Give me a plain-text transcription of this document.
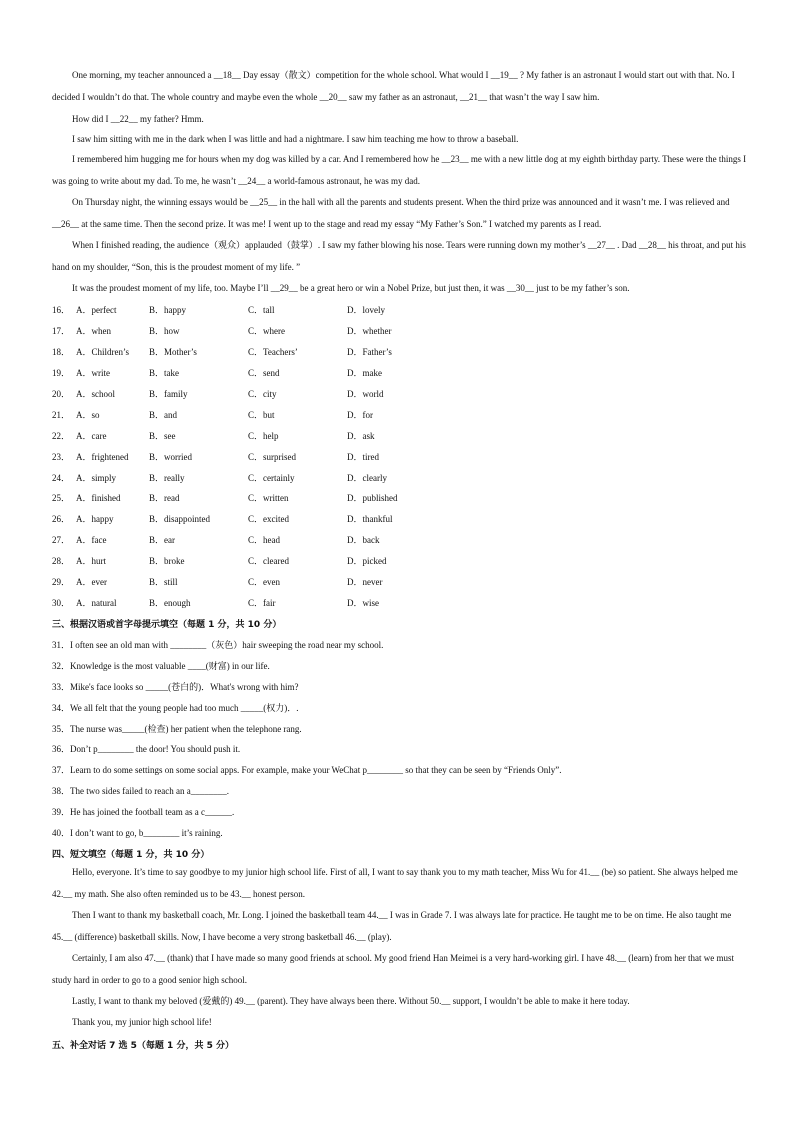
One morning, my teacher announced a __18__ Day essay（散文）competition for the whole school. What would I __19__ ? My father is an astronaut I would start out with that. No. I decided I wouldn’t do that. The whole country and maybe even the whole __20__ saw my father as an astronaut, __21__ that wasn’t the way I saw him.

How did I __22__ my father? Hmm.

I saw him sitting with me in the dark when I was little and had a nightmare. I saw him teaching me how to throw a baseball.

I remembered him hugging me for hours when my dog was killed by a car. And I remembered how he __23__ me with a new little dog at my eighth birthday party. These were the things I was going to write about my dad. To me, he wasn’t __24__ a world-famous astronaut, he was my dad.

On Thursday night, the winning essays would be __25__ in the hall with all the parents and students present. When the third prize was announced and it wasn’t me. I was relieved and __26__ at the same time. Then the second prize. It was me! I went up to the stage and read my essay “My Father’s Son.” I watched my parents as I read.

When I finished reading, the audience（观众）applauded（鼓掌）. I saw my father blowing his nose. Tears were running down my mother’s __27__ . Dad __28__ his throat, and put his hand on my shoulder, “Son, this is the proudest moment of my life. ”

It was the proudest moment of my life, too. Maybe I’ll __29__ be a great hero or win a Nobel Prize, but just then, it was __30__ just to be my father’s son.

16． A．perfect	B．happy	C．tall	D．lovely
17． A．when	B．how	C．where	D．whether
18． A．Children’s B．Mother’s	C．Teachers’	D．Father’s
19． A．write	B．take	C．send	D．make
20． A．school	B．family	C．city	D．world
21． A．so	B．and	C．but	D．for
22． A．care	B．see	C．help	D．ask
23． A．frightened B．worried	C．surprised	D．tired
24． A．simply	B．really	C．certainly	D．clearly
25． A．finished	B．read	C．written	D．published
26． A．happy	B．disappointed	C．excited	D．thankful
27． A．face	B．ear	C．head	D．back
28． A．hurt	B．broke	C．cleared	D．picked
29． A．ever	B．still	C．even	D．never
30． A．natural	B．enough	C．fair	D．wise
三、根据汉语或首字母提示填空（每题 1 分，共 10 分）
31．I often see an old man with ________（灰色）hair sweeping the road near my school.
32．Knowledge is the most valuable ____(财富) in our life.
33．Mike's face looks so _____(苍白的)．What's wrong with him?
34．We all felt that the young people had too much _____(权力)．.
35．The nurse was_____(检查) her patient when the telephone rang.
36．Don’t p________ the door! You should push it.
37．Learn to do some settings on some social apps. For example, make your WeChat p________ so that they can be seen by “Friends Only”.
38．The two sides failed to reach an a________.
39．He has joined the football team as a c______.
40．I don’t want to go, b________ it’s raining.
四、短文填空（每题 1 分，共 10 分）

Hello, everyone. It’s time to say goodbye to my junior high school life. First of all, I want to say thank you to my math teacher, Miss Wu for 41.__ (be) so patient. She always helped me 42.__ my math. She also often reminded us to be 43.__ honest person.

Then I want to thank my basketball coach, Mr. Long. I joined the basketball team 44.__ I was in Grade 7. I was always late for practice. He taught me to be on time. He also taught me 45.__ (difference) basketball skills. Now, I have become a very strong basketball 46.__ (play).

Certainly, I am also 47.__ (thank) that I have made so many good friends at school. My good friend Han Meimei is a very hard-working girl. I have 48.__ (learn) from her that we must study hard in order to go to a good senior high school.

Lastly, I want to thank my beloved (爱戴的) 49.__ (parent). They have always been there. Without 50.__ support, I wouldn’t be able to make it here today.

Thank you, my junior high school life!

五、补全对话 7 选 5（每题 1 分，共 5 分）
